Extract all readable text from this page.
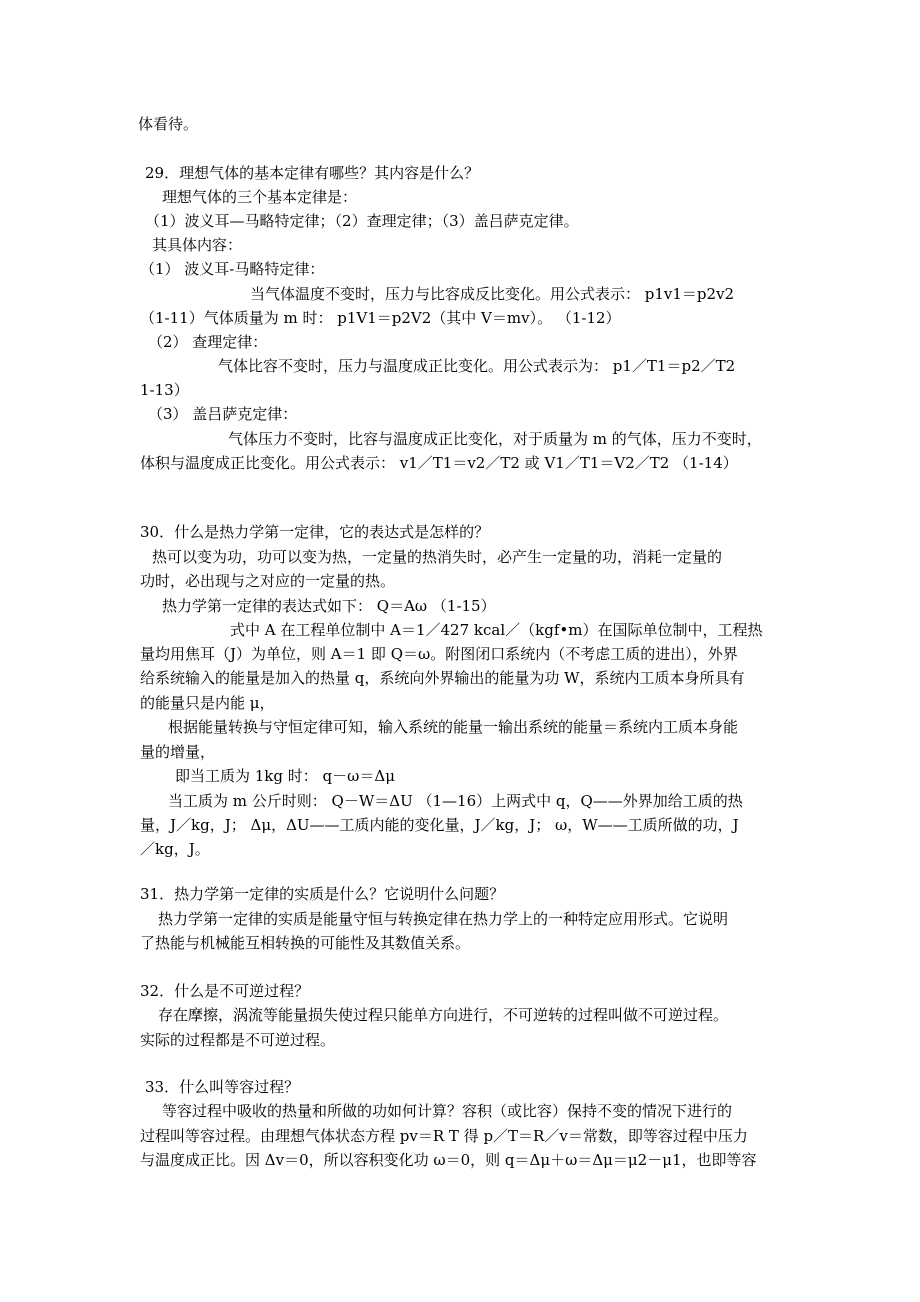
体看待。
29．理想气体的基本定律有哪些？其内容是什么？
理想气体的三个基本定律是：
（1）波义耳—马略特定律；（2）查理定律；（3）盖吕萨克定律。
其具体内容：
（1） 波义耳-马略特定律：
当气体温度不变时，压力与比容成反比变化。用公式表示： p1v1＝p2v2
（1-11）气体质量为 m 时： p1V1＝p2V2（其中 V＝mv）。 （1-12）
（2） 查理定律：
气体比容不变时，压力与温度成正比变化。用公式表示为： p1／T1＝p2／T2
1-13）
（3） 盖吕萨克定律：
气体压力不变时，比容与温度成正比变化，对于质量为 m 的气体，压力不变时，
体积与温度成正比变化。用公式表示： v1／T1＝v2／T2 或 V1／T1＝V2／T2 （1-14）
30．什么是热力学第一定律，它的表达式是怎样的？
热可以变为功，功可以变为热，一定量的热消失时，必产生一定量的功，消耗一定量的
功时，必出现与之对应的一定量的热。
热力学第一定律的表达式如下： Q＝Aω （1-15）
式中 A 在工程单位制中 A＝1／427 kcal／（kgf•m）在国际单位制中，工程热
量均用焦耳（J）为单位，则 A＝1 即 Q＝ω。附图闭口系统内（不考虑工质的进出），外界
给系统输入的能量是加入的热量 q，系统向外界输出的能量为功 W，系统内工质本身所具有
的能量只是内能 μ，
根据能量转换与守恒定律可知，输入系统的能量一输出系统的能量＝系统内工质本身能
量的增量，
即当工质为 1kg 时： q－ω＝Δμ
当工质为 m 公斤时则： Q－W＝ΔU （1—16）上两式中 q，Q——外界加给工质的热
量，J／kg，J； Δμ，ΔU——工质内能的变化量，J／kg，J； ω，W——工质所做的功，J
／kg，J。
31．热力学第一定律的实质是什么？它说明什么问题？
热力学第一定律的实质是能量守恒与转换定律在热力学上的一种特定应用形式。它说明
了热能与机械能互相转换的可能性及其数值关系。
32．什么是不可逆过程？
存在摩擦，涡流等能量损失使过程只能单方向进行，不可逆转的过程叫做不可逆过程。
实际的过程都是不可逆过程。
33．什么叫等容过程？
等容过程中吸收的热量和所做的功如何计算？容积（或比容）保持不变的情况下进行的
过程叫等容过程。由理想气体状态方程 pv＝R T 得 p／T＝R／v＝常数，即等容过程中压力
与温度成正比。因 Δv＝0，所以容积变化功 ω＝0，则 q＝Δμ＋ω＝Δμ＝μ2－μ1，也即等容
